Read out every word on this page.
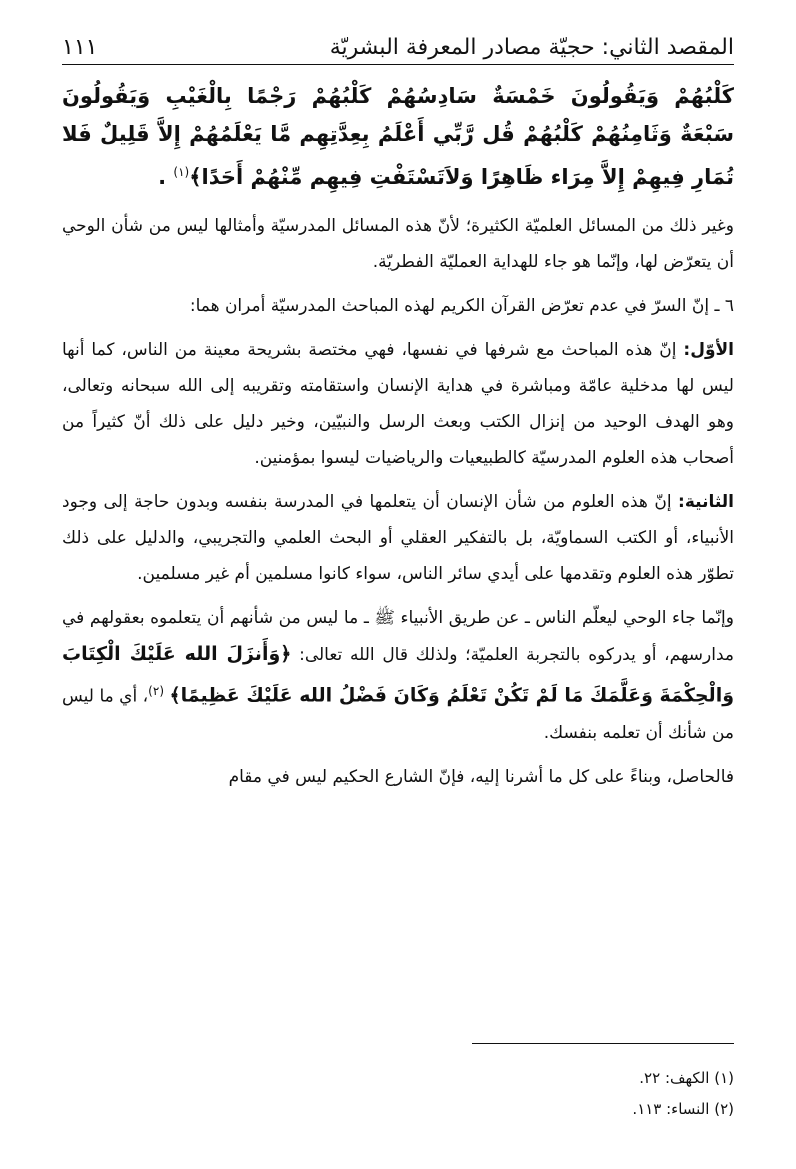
المقصد الثاني: حجيّة مصادر المعرفة البشريّة
١١١
كَلْبُهُمْ وَيَقُولُونَ خَمْسَةٌ سَادِسُهُمْ كَلْبُهُمْ رَجْمًا بِالْغَيْبِ وَيَقُولُونَ سَبْعَةٌ وَثَامِنُهُمْ كَلْبُهُمْ قُل رَّبِّي أَعْلَمُ بِعِدَّتِهِم مَّا يَعْلَمُهُمْ إِلاَّ قَلِيلٌ فَلا تُمَارِ فِيهِمْ إِلاَّ مِرَاء ظَاهِرًا وَلاَتَسْتَفْتِ فِيهِم مِّنْهُمْ أَحَدًا﴾$^{(١)}$ .

وغير ذلك من المسائل العلميّة الكثيرة؛ لأنّ هذه المسائل المدرسيّة وأمثالها ليس من شأن الوحي أن يتعرّض لها، وإنّما هو جاء للهداية العمليّة الفطريّة.

٦ ـ إنّ السرّ في عدم تعرّض القرآن الكريم لهذه المباحث المدرسيّة أمران هما:

الأوّل: إنّ هذه المباحث مع شرفها في نفسها، فهي مختصة بشريحة معينة من الناس، كما أنها ليس لها مدخلية عامّة ومباشرة في هداية الإنسان واستقامته وتقريبه إلى الله سبحانه وتعالى، وهو الهدف الوحيد من إنزال الكتب وبعث الرسل والنبيّين، وخير دليل على ذلك أنّ كثيراً من أصحاب هذه العلوم المدرسيّة كالطبيعيات والرياضيات ليسوا بمؤمنين.

الثانية: إنّ هذه العلوم من شأن الإنسان أن يتعلمها في المدرسة بنفسه وبدون حاجة إلى وجود الأنبياء، أو الكتب السماويّة، بل بالتفكير العقلي أو البحث العلمي والتجريبي، والدليل على ذلك تطوّر هذه العلوم وتقدمها على أيدي سائر الناس، سواء كانوا مسلمين أم غير مسلمين.

وإنّما جاء الوحي ليعلّم الناس ـ عن طريق الأنبياء ﷺ ـ ما ليس من شأنهم أن يتعلموه بعقولهم في مدارسهم، أو يدركوه بالتجربة العلميّة؛ ولذلك قال الله تعالى: ﴿وَأَنزَلَ الله عَلَيْكَ الْكِتَابَ وَالْحِكْمَةَ وَعَلَّمَكَ مَا لَمْ تَكُنْ تَعْلَمُ وَكَانَ فَضْلُ الله عَلَيْكَ عَظِيمًا﴾ $^{(٢)}$، أي ما ليس من شأنك أن تعلمه بنفسك.

فالحاصل، وبناءً على كل ما أشرنا إليه، فإنّ الشارع الحكيم ليس في مقام

(١) الكهف: ٢٢.
(٢) النساء: ١١٣.
